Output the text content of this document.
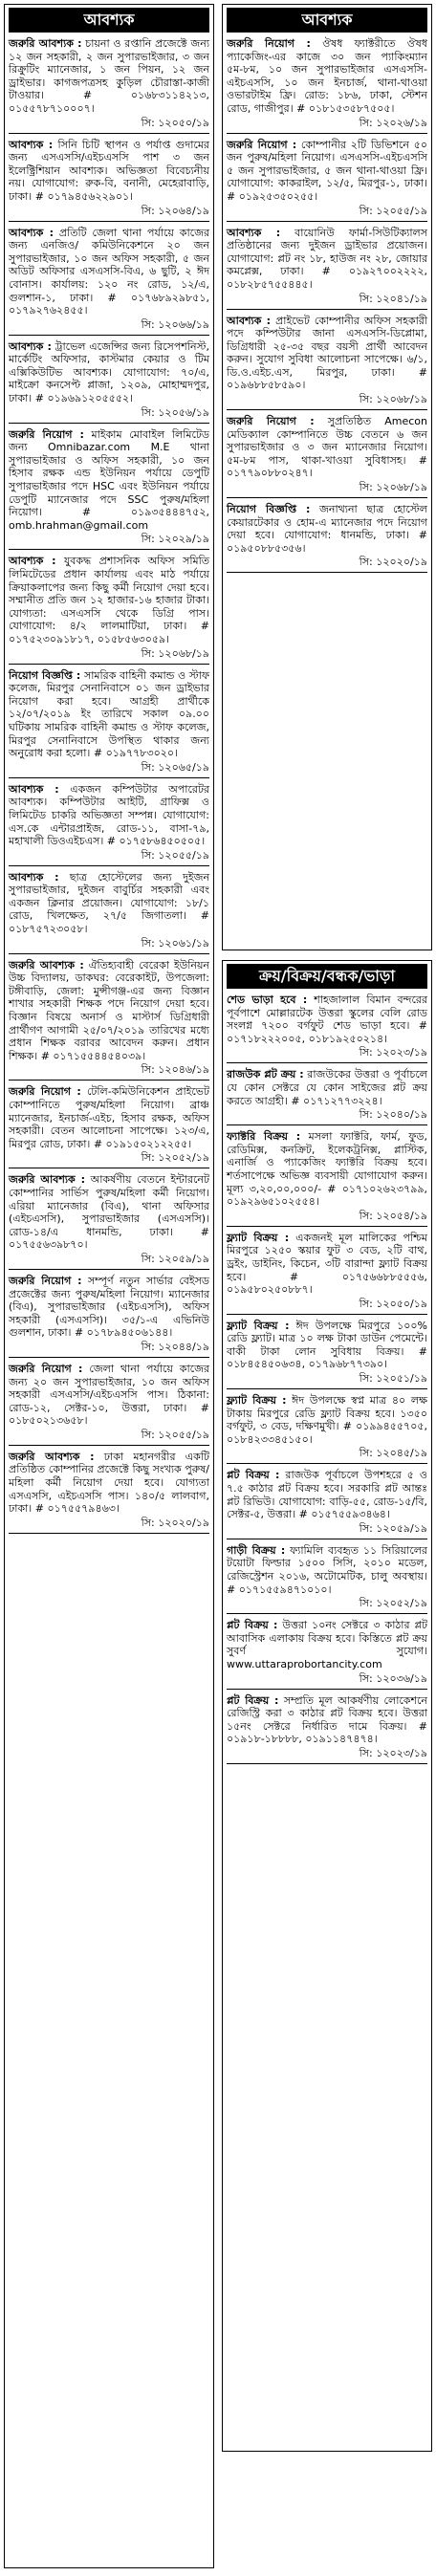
আবশ্যক
জরুরি আবশ্যক : চায়না ও রপ্তানি প্রজেক্টে জন্য ১২ জন সহকারী, ২ জন সুপারভাইজার, ৩ জন রিক্রুটিং ম্যানেজার, ১ জন পিয়ন, ১২ জন ড্রাইভার। কাগজপত্রসহ কুড়িল চৌরাস্তা-কাজী টাওয়ার। # ০১৬৮৩১১৪২১৩, ০১৫৫৭৮৭১০০০৭।
সি: ১২০৫০/১৯
আবশ্যক : সিনি চিটি স্থাপন ও পর্যাপ্ত গুদামের জন্য এসএসসি/এইচএসসি পাশ ৩ জন ইলেক্ট্রিশিয়ান আবশ্যক। অভিজ্ঞতা বিবেচ্যনীয় নয়। যোগাযোগ: রুক-বি, বনানী, মেহেরাবাড়ি, ঢাকা। # ০১৭৯৪৫৬২২৯০১।
সি: ১২০৬৪/১৯
আবশ্যক : প্রতিটি জেলা থানা পর্যায়ে কাজের জন্য এনজিও/ কমিউনিকেশনে ২০ জন সুপারভাইজার, ১০ জন অফিস সহকারী, ৫ জন অডিট অফিসার এসএসসি-বিএ, ৬ ছুটি, ২ ঈদ বোনাস। কার্যালয়: ১২০ নং রোড, ১২/এ, গুলশান-১, ঢাকা। # ০১৭৬৮৯২৯৮৫১, ০১৭৯২৭৬২৪৫৫।
সি: ১২০৬৬/১৯
আবশ্যক : ট্রাভেল এজেন্সির জন্য রিসেপশনিস্ট, মার্কেটিং অফিসার, কাস্টমার কেয়ার ও টিম এক্সিকিউটিভ আবশ্যক। যোগাযোগ: ৭০/এ, মাইক্রো কনসেপ্ট প্লাজা, ১২০৯, মোহাম্মদপুর, ঢাকা। # ০১৯৬৯১২০৫৫৫২।
সি: ১২০৫৬/১৯
জরুরি নিয়োগ : মাইকাম মোবাইল লিমিটেড জন্য Omnibazar.com M.E থানা সুপারভাইজার ও অফিস সহকারী, ১০ জন হিসাব রক্ষক এন্ড ইউনিয়ন পর্যায়ে ডেপুটি সুপারভাইজার পদে HSC এবং ইউনিয়ন পর্যায়ে ডেপুটি ম্যানেজার পদে SSC পুরুষ/মহিলা নিয়োগ। # ০১৯৩৫৪৪৪৭৫২, omb.hrahman@gmail.com
সি: ১২০২৯/১৯
আবশ্যক : যুবকদ্ধ প্রশাসনিক অফিস সমিতি লিমিটেডের প্রধান কার্যালয় এবং মাঠ পর্যায়ে ক্রিয়াকলাপের জন্য কিছু কর্মী নিয়োগ দেয়া হবে। সম্মানীত প্রতি জন ১২ হাজার-১৬ হাজার টাকা। যোগ্যতা: এসএসসি থেকে ডিগ্রি পাস। যোগাযোগ: ৪/২ লালমাটিয়া, ঢাকা। # ০১৭৫২৩০৯১৮১৭, ০১৫৮৫৬৩০৫৯।
সি: ১২০৬৮/১৯
নিয়োগ বিজ্ঞপ্তি : সামরিক বাহিনী কমান্ড ও স্টাফ কলেজ, মিরপুর সেনানিবাসে ০১ জন ড্রাইভার নিয়োগ করা হবে। আগ্রহী প্রার্থীকে ১২/০৭/২০১৯ ইং তারিখে সকাল ০৯.০০ ঘটিকায় সামরিক বাহিনী কমান্ড ও স্টাফ কলেজ, মিরপুর সেনানিবাসে উপস্থিত থাকার জন্য অনুরোধ করা হলো। # ০১৯৭৭৮৩০২০।
সি: ১২০৬৫/১৯
আবশ্যক : একজন কম্পিউটার অপারেটর আবশ্যক। কম্পিউটার আইটি, গ্রাফিক্স ও লিমিটেড চাকরি অভিজ্ঞতা সম্পন্ন। যোগাযোগ: এস.কে এন্টারপ্রাইজ, রোড-১১, বাসা-৭৯, মহাখালী ডিওএইচএস। # ০১৭৫৮৬৪৫০৫০৫।
সি: ১২০৫৫/১৯
আবশ্যক : ছাত্র হোস্টেলের জন্য দুইজন সুপারভাইজার, দুইজন বাবুর্চির সহকারী এবং একজন ক্লিনার প্রয়োজন। যোগাযোগ: ১৮/১ রোড, খিলক্ষেত, ২৭/৫ জিগাতলা। # ০১৮৭৫৭২৩০৫৮।
সি: ১২০৬১/১৯
জরুরি আবশ্যক : ঐতিহ্যবাহী বেরেকা ইউনিয়ন উচ্চ বিদ্যালয়, ডাকঘর: বেরেকাইট, উপজেলা: টঙ্গীবাড়ি, জেলা: মুন্সীগঞ্জ-এর জন্য বিজ্ঞান শাখার সহকারী শিক্ষক পদে নিয়োগ দেয়া হবে। বিজ্ঞান বিষয়ে অনার্স ও মাস্টার্স ডিগ্রিধারী প্রার্থীগণ আগামী ২৫/০৭/২০১৯ তারিখের মধ্যে প্রধান শিক্ষক বরাবর আবেদন করুন। প্রধান শিক্ষক। # ০১৭১৫৫৪৪৫৪০৩৯।
সি: ১২০৪৬/১৯
জরুরি নিয়োগ : টেলি-কমিউনিকেশন প্রাইভেট কোম্পানিতে পুরুষ/মহিলা নিয়োগ। ব্রাঞ্চ ম্যানেজার, ইনচার্জ-এইচ, হিসাব রক্ষক, অফিস সহকারী। বেতন আলোচনা সাপেক্ষে। ১২৩/এ, মিরপুর রোড, ঢাকা। # ০১৯১৫০২১২২৫৫।
সি: ১২০৫২/১৯
জরুরি আবশ্যক : আকর্ষণীয় বেতনে ইন্টারনেট কোম্পানির সার্ভিস পুরুষ/মহিলা কর্মী নিয়োগ। এরিয়া ম্যানেজার (বিএ), থানা অফিসার (এইচএসসি), সুপারভাইজার (এসএসসি)। রোড-১৪/এ ধানমন্ডি, ঢাকা। # ০১৭৫৫৬৩৯৮৭০।
সি: ১২০৫৯/১৯
জরুরি নিয়োগ : সম্পূর্ণ নতুন সার্ভার বেইসড প্রজেক্টের জন্য পুরুষ/মহিলা নিয়োগ। ম্যানেজার (বিএ), সুপারভাইজার (এইচএসসি), অফিস সহকারী (এসএসসি)। ৩৫/১-এ এভিনিউ গুলশান, ঢাকা। # ০১৭৮৯৪৫০৬১৪৪।
সি: ১২০৪৪/১৯
জরুরি নিয়োগ : জেলা থানা পর্যায়ে কাজের জন্য ২০ জন সুপারভাইজার, ১০ জন অফিস সহকারী এসএসসি/এইচএসসি পাস। ঠিকানা: রোড-১২, সেক্টর-১০, উত্তরা, ঢাকা। # ০১৮৫০২১৩৬৫৮।
সি: ১২০৫৫/১৯
জরুরি আবশ্যক : ঢাকা মহানগরীর একটি প্রতিষ্ঠিত কোম্পানির প্রজেক্টে কিছু সংখ্যক পুরুষ/মহিলা কর্মী নিয়োগ দেয়া হবে। যোগ্যতা এসএসসি, এইচএসসি পাস। ১৪০/৫ লালবাগ, ঢাকা। # ০১৭৫৫৭৯৪৬৩।
সি: ১২০২০/১৯
আবশ্যক
জরুরি নিয়োগ : ঔষধ ফ্যাক্টরীতে ঔষধ প্যাকেজিং-এর কাজে ৩০ জন প্যাকিংম্যান ৫ম-৮ম, ১০ জন সুপারভাইজার এসএসসি-এইচএসসি, ১০ জন ইনচার্জ, থানা-থাওয়া ওভারটাইম ফ্রি। রোড: ১৮৬, ঢাকা, স্টেশন রোড, গাজীপুর। # ০১৮১৫৩৫৮৭৫০৫।
সি: ১২০২৬/১৯
জরুরি নিয়োগ : কোম্পানীর ২টি ডিভিশনে ৫০ জন পুরুষ/মহিলা নিয়োগ। এসএসসি-এইচএসসি ৫ জন সুপারভাইজার, ৫ জন থানা-থাওয়া ফ্রি। যোগাযোগ: কাকরাইল, ১২/৫, মিরপুর-১, ঢাকা। # ০১৯২৫৩৫০২৫৫।
সি: ১২০৫৫/১৯
আবশ্যক : বায়োনিউ ফার্মা-সিউটিক্যালস প্রতিষ্ঠানের জন্য দুইজন ড্রাইভার প্রয়োজন। যোগাযোগ: প্লট নং ১৮, হাউজ নং ২৮, জোয়ার কমপ্লেক্স, ঢাকা। # ০১৯২৭০০২২২২, ০১৮২৮৫৭৫৫৪৪৫।
সি: ১২০৪১/১৯
আবশ্যক : প্রাইভেট কোম্পানীর অফিস সহকারী পদে কম্পিউটার জানা এসএসসি-ডিপ্লোমা, ডিগ্রিধারী ২৫-৩৫ বছর বয়সী প্রার্থী আবেদন করুন। সুযোগ সুবিধা আলোচনা সাপেক্ষে। ৬/১, ডি.ও.এইচ.এস, মিরপুর, ঢাকা। # ০১৯৬৮৮৫৮৫৯০।
সি: ১২০৬৮/১৯
জরুরি নিয়োগ : সুপ্রতিষ্ঠিত Amecon মেডিক্যাল কোম্পানিতে উচ্চ বেতনে ৬ জন সুপারভাইজার ও ৩ জন ম্যানেজার নিয়োগ। ৫ম-৮ম পাস, থাকা-খাওয়া সুবিধাসহ। # ০১৭৭৯০৮৮০২৪৭।
সি: ১২০৬৮/১৯
নিয়োগ বিজ্ঞপ্তি : জনাথ্যনা ছাত্র হোস্টেল কেয়ারটেকার ও হোম-এ ম্যানেজার পদে নিয়োগ দেয়া হবে। যোগাযোগ: ধানমন্ডি, ঢাকা। # ০১৯৫০৮৮৫৩৫৬।
সি: ১২০২০/১৯
ক্রয়/বিক্রয়/বন্ধক/ভাড়া
শেড ভাড়া হবে : শাহজালাল বিমান বন্দরের পূর্বপাশে মোল্লারটেক উত্তরা স্কুলের বেলি রোড সংলগ্ন ৭২০০ বর্গফুট শেড ভাড়া হবে। # ০১৭১৮২২২০০৫, ০১৮১৯২৫০২১৪।
সি: ১২০২৩/১৯
রাজউক প্লট ক্রয় : রাজউকের উত্তরা ও পূর্বাচলে যে কোন সেক্টরে যে কোন সাইজের প্লট ক্রয় করতে আগ্রহী। # ০১৭১২৭৭৩২২৪।
সি: ১২০৪০/১৯
ফ্যাক্টরি বিক্রয় : মসলা ফ্যাক্টরি, ফার্ম, ফুড, রেডিমিক্স, কনক্রিট, ইলেকট্রনিক্স, প্লাস্টিক, এনার্জি ও প্যাকেজিং ফ্যাক্টরি বিক্রয় হবে। শর্তসাপেক্ষে অভিজ্ঞ ব্যবসায়ী যোগাযোগ করুন। মূল্য ৩,২০,০০,০০০/- # ০১৭১০২৬২৩৭৯৯, ০১৯২৯৬৫১০২৫৫৪।
সি: ১২০৫৪/১৯
ফ্ল্যাট বিক্রয় : একজনই মূল মালিকের পশ্চিম মিরপুরে ১২৫০ স্কয়ার ফুট ৩ বেড, ২টি বাথ, ড্রইং, ডাইনিং, কিচেন, ৩টি বারান্দা ফ্ল্যাট বিক্রয় হবে। # ০১৭৫৬৬৮৮৫৫৫৬, ০১৯৫৮০২৫০৮৮৭।
সি: ১২০৫০/১৯
ফ্ল্যাট বিক্রয় : ঈদ উপলক্ষে মিরপুরে ১০০% রেডি ফ্ল্যাট। মাত্র ১০ লক্ষ টাকা ডাউন পেমেন্টে। বাকী টাকা লোন সুবিধায় বিক্রয়। # ০১৮৪৫৪৫০৬৩৪, ০১৭৯৬৮৭৭৩৯০।
সি: ১২০৫১/১৯
ফ্ল্যাট বিক্রয় : ঈদ উপলক্ষে স্বপ্ন মাত্র ৪০ লক্ষ টাকায় মিরপুরে রেডি ফ্ল্যাট বিক্রয় হবে। ১৩৫০ বর্গফুট, ৩ বেড, দক্ষিণমুখী। # ০১৯৯৪৫৫৭০৫, ০১৮৪২৩৩৪৫১৫০।
সি: ১২০৪৫/১৯
প্লট বিক্রয় : রাজউক পূর্বাচলে উপশহরে ৫ ও ৭.৫ কাঠার প্লট বিক্রয় হবে। সরকারি প্লট আন্তঃ প্লট রিভিউ। যোগাযোগ: বাড়ি-৫৫, রোড-১৫/বি, সেক্টর-৫, উত্তরা। # ০১৫৭৫৫৯৩৪৬৪।
সি: ১২০৫৯/১৯
গাড়ী বিক্রয় : ফ্যামিলি ব্যবহৃত ১১ সিরিয়ালের টয়োটা ফিল্ডার ১৫০০ সিসি, ২০১০ মডেল, রেজিস্ট্রেশন ২০১৬, অটোমেটিক, চালু অবস্থায়। # ০১৭১৫৫৯৪৭১০১০।
সি: ১২০৫২/১৯
প্লট বিক্রয় : উত্তরা ১০নং সেক্টরে ৩ কাঠার প্লট আবাসিক এলাকায় বিক্রয় হবে। কিস্তিতে প্লট ক্রয় সুবর্ণ সুযোগ। www.uttaraprobortancity.com
সি: ১২০৩৬/১৯
প্লট বিক্রয় : সম্প্রতি মূল আকর্ষণীয় লোকেশনে রেজিস্ট্রি করা ৩ কাঠার প্লট বিক্রয় হবে। উত্তরা ১৫নং সেক্টরে নির্ধারিত দামে বিক্রয়। # ০১৯১৮-১৮৮৮৮, ০১৯১১৪৭৪৭৪।
সি: ১২০২৩/১৯
